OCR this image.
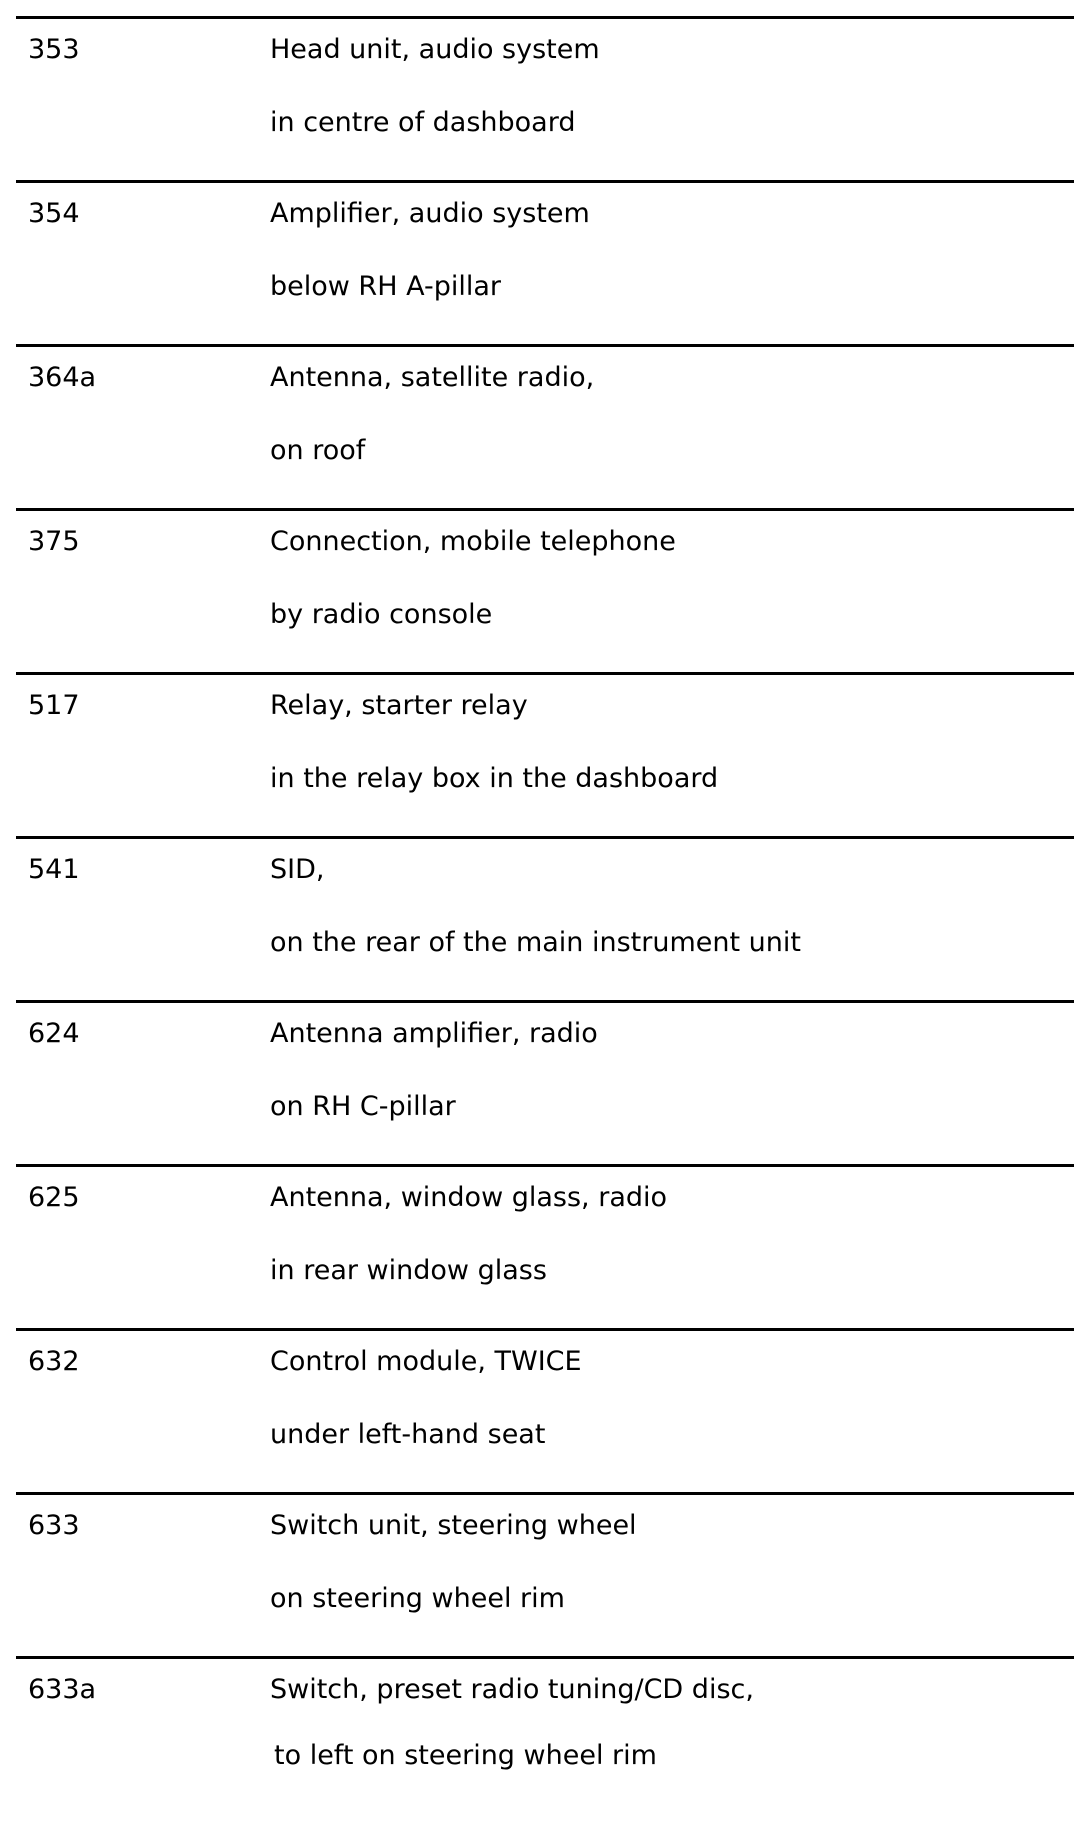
353	Head unit, audio system
in centre of dashboard
354	Amplifier, audio system
below RH A-pillar
364a	Antenna, satellite radio,
on roof
375	Connection, mobile telephone
by radio console
517	Relay, starter relay
in the relay box in the dashboard
541	SID,
on the rear of the main instrument unit
624	Antenna amplifier, radio
on RH C-pillar
625	Antenna, window glass, radio
in rear window glass
632	Control module, TWICE
under left-hand seat
633	Switch unit, steering wheel
on steering wheel rim
633a	Switch, preset radio tuning/CD disc,
to left on steering wheel rim
